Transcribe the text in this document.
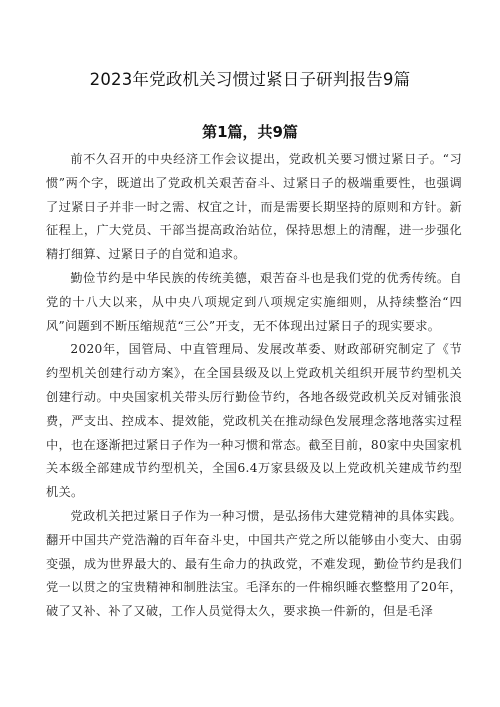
2023年党政机关习惯过紧日子研判报告9篇
第1篇，共9篇

前不久召开的中央经济工作会议提出，党政机关要习惯过紧日子。“习惯”两个字，既道出了党政机关艰苦奋斗、过紧日子的极端重要性，也强调了过紧日子并非一时之需、权宜之计，而是需要长期坚持的原则和方针。新征程上，广大党员、干部当提高政治站位，保持思想上的清醒，进一步强化精打细算、过紧日子的自觉和追求。

勤俭节约是中华民族的传统美德，艰苦奋斗也是我们党的优秀传统。自党的十八大以来，从中央八项规定到八项规定实施细则，从持续整治“四风”问题到不断压缩规范“三公”开支，无不体现出过紧日子的现实要求。

2020年，国管局、中直管理局、发展改革委、财政部研究制定了《节约型机关创建行动方案》，在全国县级及以上党政机关组织开展节约型机关创建行动。中央国家机关带头厉行勤俭节约，各地各级党政机关反对铺张浪费，严支出、控成本、提效能，党政机关在推动绿色发展理念落地落实过程中，也在逐渐把过紧日子作为一种习惯和常态。截至目前，80家中央国家机关本级全部建成节约型机关，全国6.4万家县级及以上党政机关建成节约型机关。

党政机关把过紧日子作为一种习惯，是弘扬伟大建党精神的具体实践。翻开中国共产党浩瀚的百年奋斗史，中国共产党之所以能够由小变大、由弱变强，成为世界最大的、最有生命力的执政党，不难发现，勤俭节约是我们党一以贯之的宝贵精神和制胜法宝。毛泽东的一件棉织睡衣整整用了20年，破了又补、补了又破，工作人员觉得太久，要求换一件新的，但是毛泽
